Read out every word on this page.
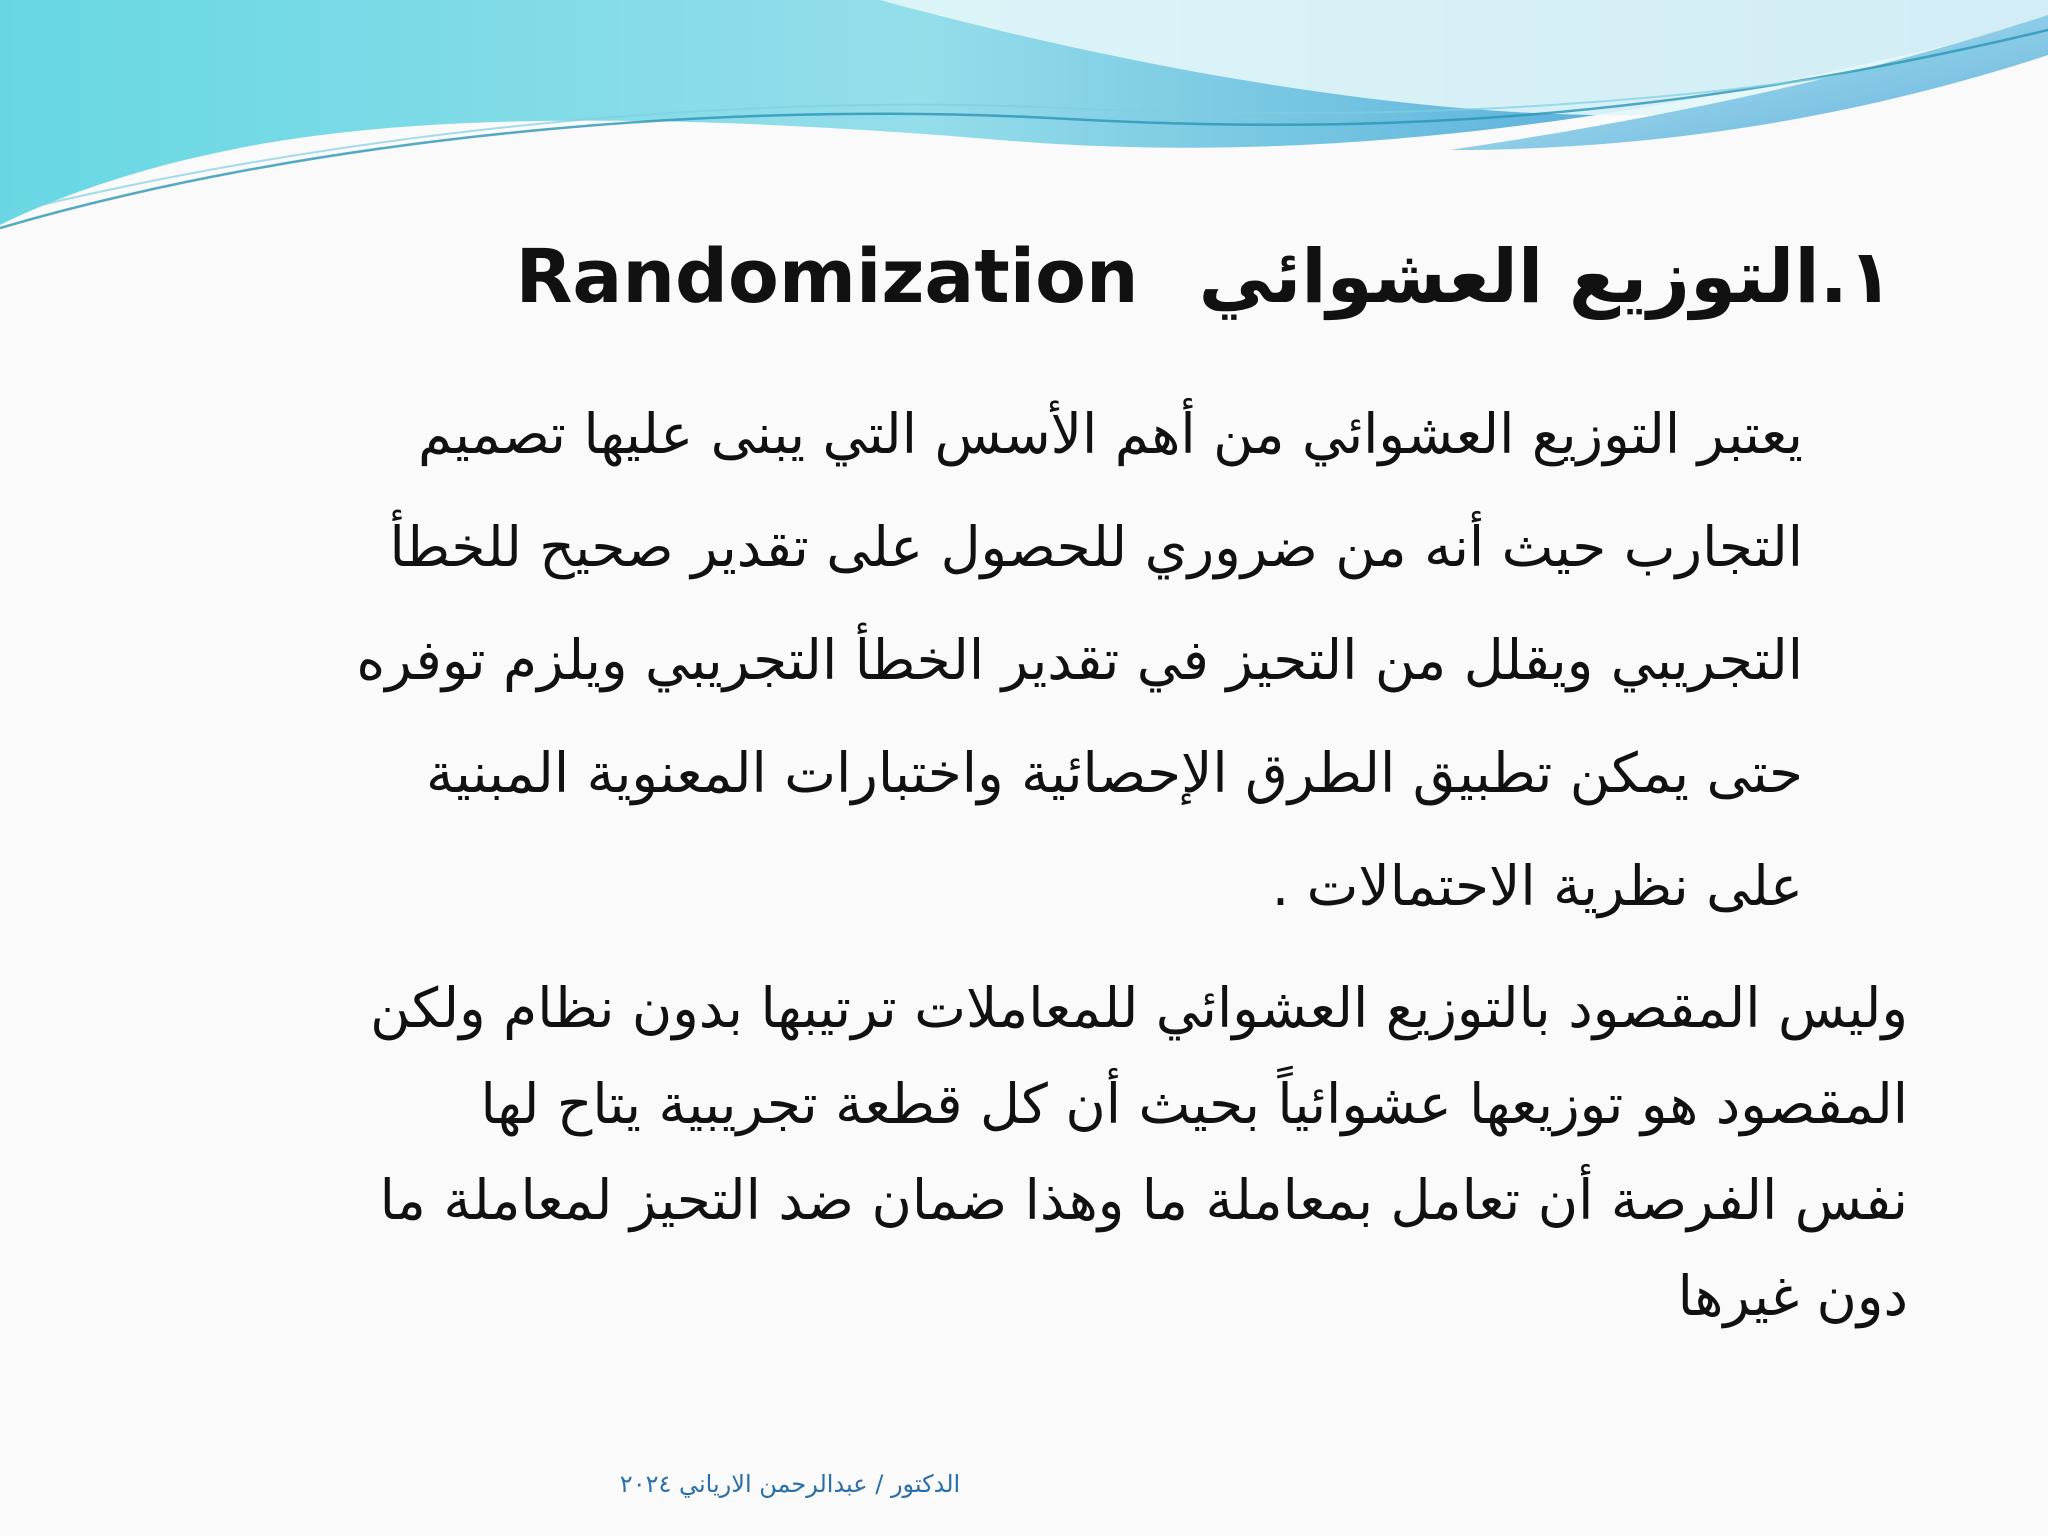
١.
التوزيع العشوائي
Randomization
يعتبر التوزيع العشوائي من أهم الأسس التي يبنى عليها تصميم
التجارب حيث أنه من ضروري للحصول على تقدير صحيح للخطأ
التجريبي ويقلل من التحيز في تقدير الخطأ التجريبي ويلزم توفره
حتى يمكن تطبيق الطرق الإحصائية واختبارات المعنوية المبنية
على نظرية الاحتمالات .
وليس المقصود بالتوزيع العشوائي للمعاملات ترتيبها بدون نظام ولكن
المقصود هو توزيعها عشوائياً بحيث أن كل قطعة تجريبية يتاح لها
نفس الفرصة أن تعامل بمعاملة ما وهذا ضمان ضد التحيز لمعاملة ما
دون غيرها
الدكتور / عبدالرحمن الارياني ٢٠٢٤
